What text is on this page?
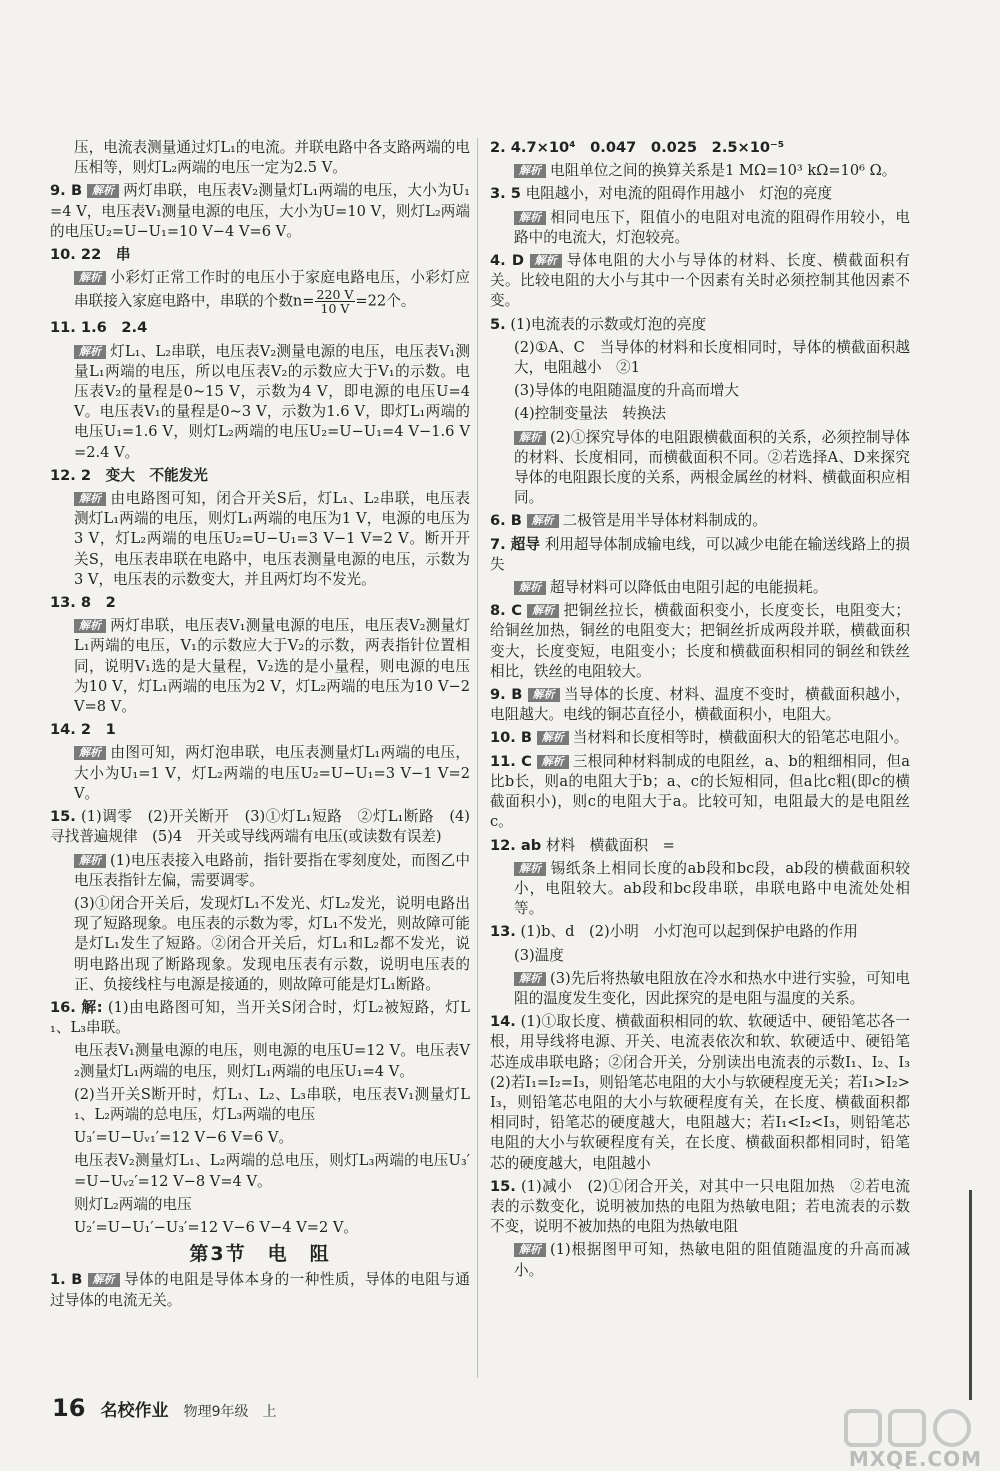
压，电流表测量通过灯L₁的电流。并联电路中各支路两端的电压相等，则灯L₂两端的电压一定为2.5 V。

9. B 解析 两灯串联，电压表V₂测量灯L₁两端的电压，大小为U₁=4 V，电压表V₁测量电源的电压，大小为U=10 V，则灯L₂两端的电压U₂=U−U₁=10 V−4 V=6 V。

10. 22　串

解析 小彩灯正常工作时的电压小于家庭电路电压，小彩灯应串联接入家庭电路中，串联的个数$n= \frac{220 V}{10 V} =22$个。

11. 1.6　2.4

解析 灯L₁、L₂串联，电压表V₂测量电源的电压，电压表V₁测量L₁两端的电压，所以电压表V₂的示数应大于V₁的示数。电压表V₂的量程是0~15 V，示数为4 V，即电源的电压U=4 V。电压表V₁的量程是0~3 V，示数为1.6 V，即灯L₁两端的电压U₁=1.6 V，则灯L₂两端的电压U₂=U−U₁=4 V−1.6 V=2.4 V。

12. 2　变大　不能发光

解析 由电路图可知，闭合开关S后，灯L₁、L₂串联，电压表测灯L₁两端的电压，则灯L₁两端的电压为1 V，电源的电压为3 V，灯L₂两端的电压U₂=U−U₁=3 V−1 V=2 V。断开开关S，电压表串联在电路中，电压表测量电源的电压，示数为3 V，电压表的示数变大，并且两灯均不发光。

13. 8　2

解析 两灯串联，电压表V₁测量电源的电压，电压表V₂测量灯L₁两端的电压，V₁的示数应大于V₂的示数，两表指针位置相同，说明V₁选的是大量程，V₂选的是小量程，则电源的电压为10 V，灯L₁两端的电压为2 V，灯L₂两端的电压为10 V−2 V=8 V。

14. 2　1

解析 由图可知，两灯泡串联，电压表测量灯L₁两端的电压，大小为U₁=1 V，灯L₂两端的电压U₂=U−U₁=3 V−1 V=2 V。

15. (1)调零　(2)开关断开　(3)①灯L₁短路　②灯L₁断路　(4)寻找普遍规律　(5)4　开关或导线两端有电压(或读数有误差)

解析 (1)电压表接入电路前，指针要指在零刻度处，而图乙中电压表指针左偏，需要调零。

(3)①闭合开关后，发现灯L₁不发光、灯L₂发光，说明电路出现了短路现象。电压表的示数为零，灯L₁不发光，则故障可能是灯L₁发生了短路。②闭合开关后，灯L₁和L₂都不发光，说明电路出现了断路现象。发现电压表有示数，说明电压表的正、负接线柱与电源是接通的，则故障可能是灯L₁断路。

16. 解: (1)由电路图可知，当开关S闭合时，灯L₂被短路，灯L₁、L₃串联。

电压表V₁测量电源的电压，则电源的电压U=12 V。电压表V₂测量灯L₁两端的电压，则灯L₁两端的电压U₁=4 V。

(2)当开关S断开时，灯L₁、L₂、L₃串联，电压表V₁测量灯L₁、L₂两端的总电压，灯L₃两端的电压

U₃′=U−Uᵥ₁′=12 V−6 V=6 V。

电压表V₂测量灯L₁、L₂两端的总电压，则灯L₃两端的电压U₃′=U−Uᵥ₂′=12 V−8 V=4 V。

则灯L₂两端的电压

U₂′=U−U₁′−U₃′=12 V−6 V−4 V=2 V。

第3节　电　阻

1. B 解析 导体的电阻是导体本身的一种性质，导体的电阻与通过导体的电流无关。

2. 4.7×10⁴　0.047　0.025　2.5×10⁻⁵

解析 电阻单位之间的换算关系是1 MΩ=10³ kΩ=10⁶ Ω。

3. 5 电阻越小，对电流的阻碍作用越小　灯泡的亮度

解析 相同电压下，阻值小的电阻对电流的阻碍作用较小，电路中的电流大，灯泡较亮。

4. D 解析 导体电阻的大小与导体的材料、长度、横截面积有关。比较电阻的大小与其中一个因素有关时必须控制其他因素不变。

5. (1)电流表的示数或灯泡的亮度

(2)①A、C　当导体的材料和长度相同时，导体的横截面积越大，电阻越小　②1

(3)导体的电阻随温度的升高而增大

(4)控制变量法　转换法

解析 (2)①探究导体的电阻跟横截面积的关系，必须控制导体的材料、长度相同，而横截面积不同。②若选择A、D来探究导体的电阻跟长度的关系，两根金属丝的材料、横截面积应相同。

6. B 解析 二极管是用半导体材料制成的。

7. 超导 利用超导体制成输电线，可以减少电能在输送线路上的损失

解析 超导材料可以降低由电阻引起的电能损耗。

8. C 解析 把铜丝拉长，横截面积变小，长度变长，电阻变大；给铜丝加热，铜丝的电阻变大；把铜丝折成两段并联，横截面积变大，长度变短，电阻变小；长度和横截面积相同的铜丝和铁丝相比，铁丝的电阻较大。

9. B 解析 当导体的长度、材料、温度不变时，横截面积越小，电阻越大。电线的铜芯直径小，横截面积小，电阻大。

10. B 解析 当材料和长度相等时，横截面积大的铅笔芯电阻小。

11. C 解析 三根同种材料制成的电阻丝，a、b的粗细相同，但a比b长，则a的电阻大于b；a、c的长短相同，但a比c粗(即c的横截面积小)，则c的电阻大于a。比较可知，电阻最大的是电阻丝c。

12. ab 材料　横截面积　=

解析 锡纸条上相同长度的ab段和bc段，ab段的横截面积较小，电阻较大。ab段和bc段串联，串联电路中电流处处相等。

13. (1)b、d　(2)小明　小灯泡可以起到保护电路的作用

(3)温度

解析 (3)先后将热敏电阻放在冷水和热水中进行实验，可知电阻的温度发生变化，因此探究的是电阻与温度的关系。

14. (1)①取长度、横截面积相同的软、软硬适中、硬铅笔芯各一根，用导线将电源、开关、电流表依次和软、软硬适中、硬铅笔芯连成串联电路；②闭合开关，分别读出电流表的示数I₁、I₂、I₃　(2)若I₁=I₂=I₃，则铅笔芯电阻的大小与软硬程度无关；若I₁>I₂>I₃，则铅笔芯电阻的大小与软硬程度有关，在长度、横截面积都相同时，铅笔芯的硬度越大，电阻越大；若I₁<I₂<I₃，则铅笔芯电阻的大小与软硬程度有关，在长度、横截面积都相同时，铅笔芯的硬度越大，电阻越小

15. (1)减小　(2)①闭合开关，对其中一只电阻加热　②若电流表的示数变化，说明被加热的电阻为热敏电阻；若电流表的示数不变，说明不被加热的电阻为热敏电阻

解析 (1)根据图甲可知，热敏电阻的阻值随温度的升高而减小。

16 名校作业 物理9年级　上
MXQE.COM
